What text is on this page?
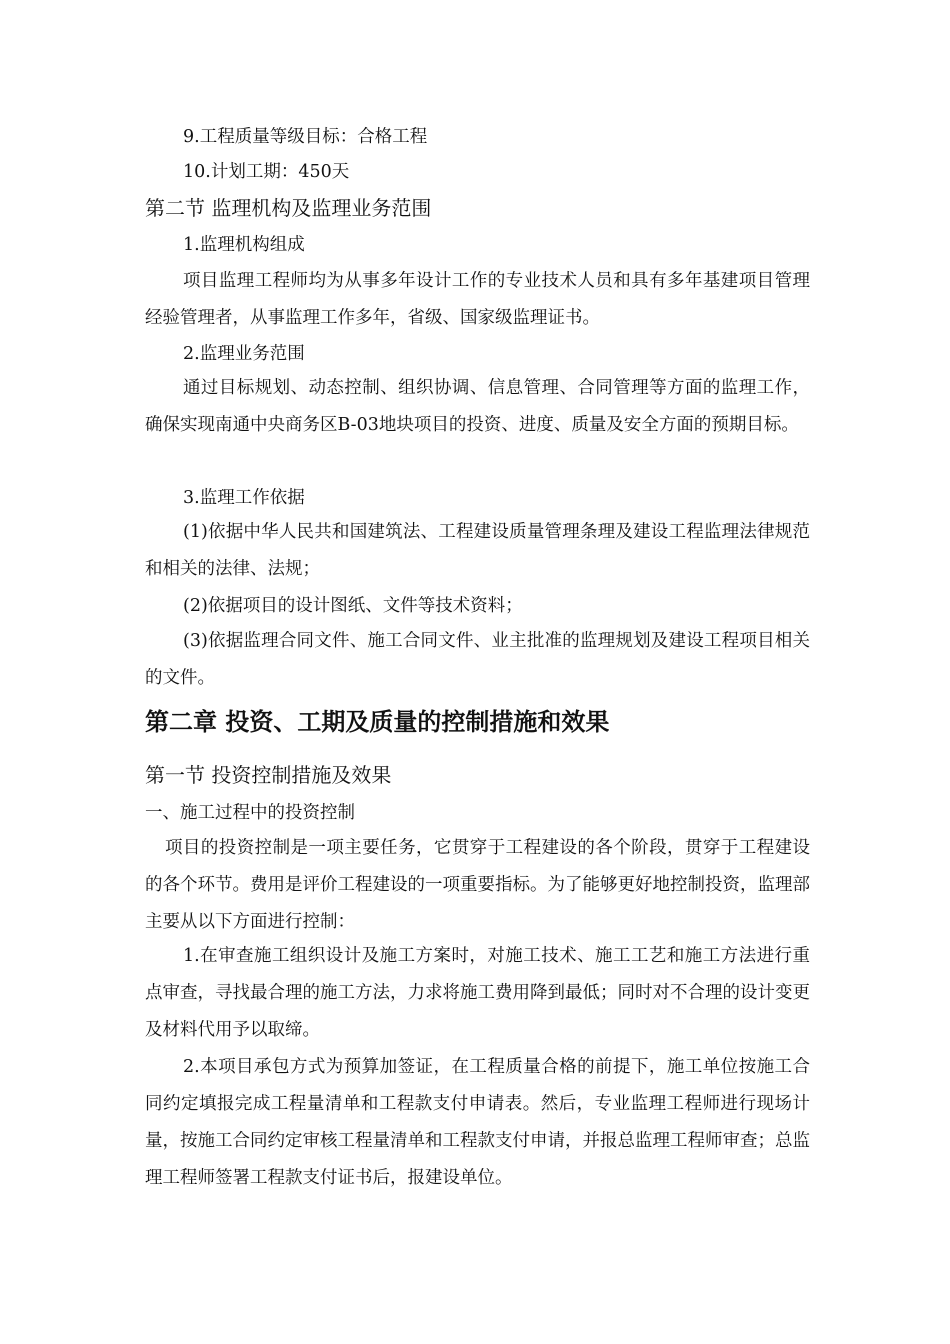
9.工程质量等级目标：合格工程
10.计划工期：450天
第二节 监理机构及监理业务范围
1.监理机构组成
项目监理工程师均为从事多年设计工作的专业技术人员和具有多年基建项目管理经验管理者，从事监理工作多年，省级、国家级监理证书。
2.监理业务范围
通过目标规划、动态控制、组织协调、信息管理、合同管理等方面的监理工作，确保实现南通中央商务区B-03地块项目的投资、进度、质量及安全方面的预期目标。
3.监理工作依据
(1)依据中华人民共和国建筑法、工程建设质量管理条理及建设工程监理法律规范和相关的法律、法规；
(2)依据项目的设计图纸、文件等技术资料；
(3)依据监理合同文件、施工合同文件、业主批准的监理规划及建设工程项目相关的文件。
第二章 投资、工期及质量的控制措施和效果
第一节 投资控制措施及效果
一、施工过程中的投资控制
项目的投资控制是一项主要任务，它贯穿于工程建设的各个阶段，贯穿于工程建设的各个环节。费用是评价工程建设的一项重要指标。为了能够更好地控制投资，监理部主要从以下方面进行控制：
1.在审查施工组织设计及施工方案时，对施工技术、施工工艺和施工方法进行重点审查，寻找最合理的施工方法，力求将施工费用降到最低；同时对不合理的设计变更及材料代用予以取缔。
2.本项目承包方式为预算加签证，在工程质量合格的前提下，施工单位按施工合同约定填报完成工程量清单和工程款支付申请表。然后，专业监理工程师进行现场计量，按施工合同约定审核工程量清单和工程款支付申请，并报总监理工程师审查；总监理工程师签署工程款支付证书后，报建设单位。
